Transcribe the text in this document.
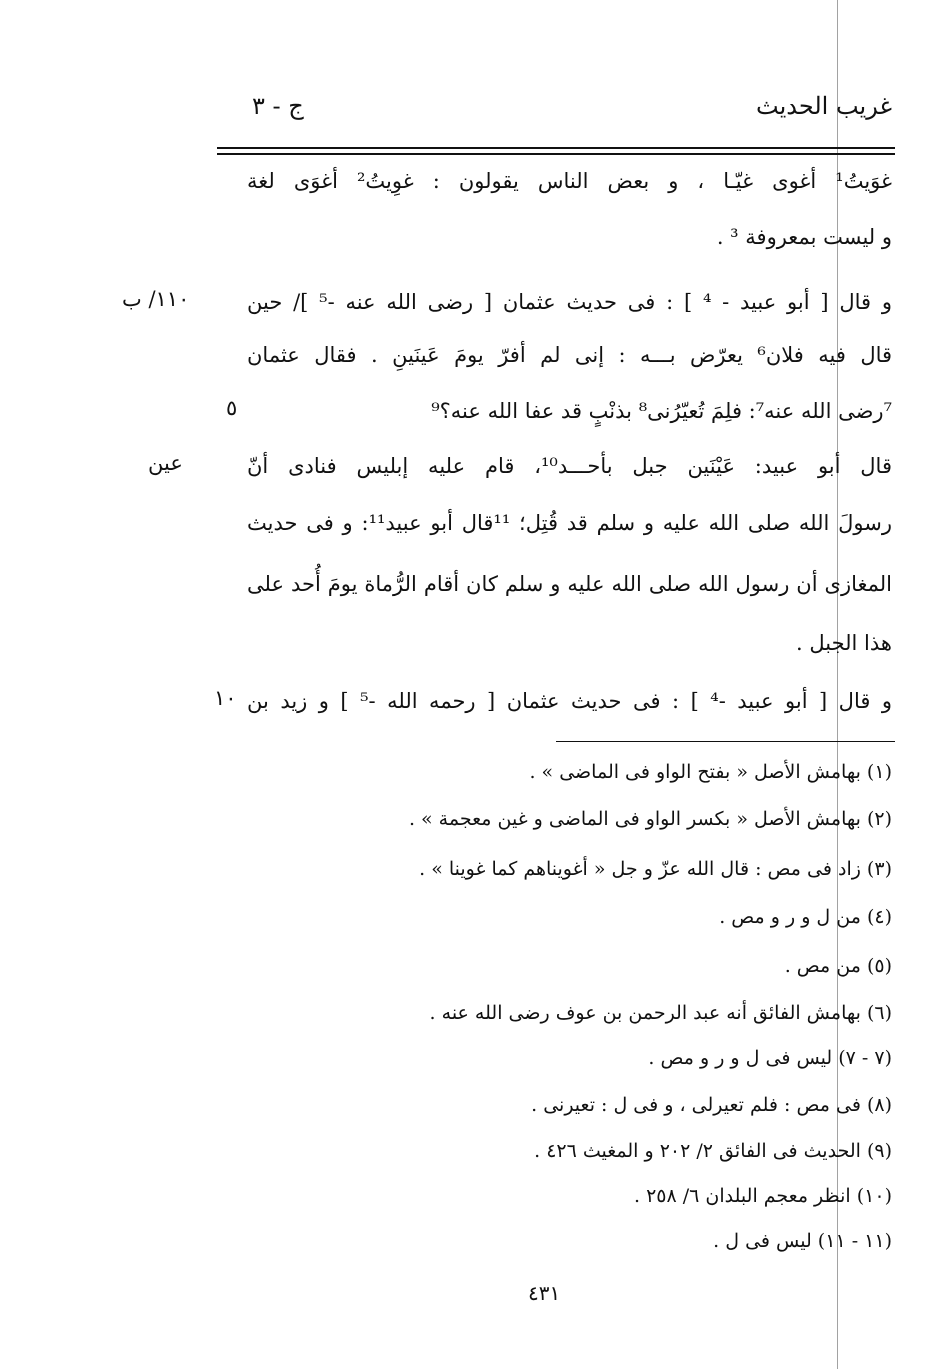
غريب الحديث
ج - ٣
غوَيتُ¹ أغوى غيّـا ، و بعض الناس يقولون : غوِيتُ² أغوَى لغة
و ليست بمعروفة ³ .
و قال [ أبو عبيد - ⁴ ] : فى حديث عثمان [ رضى الله عنه -⁵ ]/ حين
قال فيه فلان⁶ يعرّض بـــه : إنى لم أفرّ يومَ عَينَينِ . فقال عثمان
⁷رضى الله عنه⁷: فلِمَ تُعيّرُنى⁸ بذنْبٍ قد عفا الله عنه؟⁹
قال أبو عبيد: عَيْنَين جبل بأحـــد¹⁰، قام عليه إبليس فنادى أنّ
رسولَ الله صلى الله عليه و سلم قد قُتِل؛ ¹¹قال أبو عبيد¹¹: و فى حديث
المغازى أن رسول الله صلى الله عليه و سلم كان أقام الرُّماة يومَ أُحد على
هذا الجبل .
و قال [ أبو عبيد -⁴ ] : فى حديث عثمان [ رحمه الله -⁵ ] و زيد بن
١١٠/ ب
عين
٥
١٠
(١) بهامش الأصل « بفتح الواو فى الماضى » .
(٢) بهامش الأصل « بكسر الواو فى الماضى و غين معجمة » .
(٣) زاد فى مص : قال الله عزّ و جل « أغويناهم كما غوينا » .
(٤) من ل و ر و مص .
(٥) من مص .
(٦) بهامش الفائق أنه عبد الرحمن بن عوف رضى الله عنه .
(٧ - ٧) ليس فى ل و ر و مص .
(٨) فى مص : فلم تعيرلى ، و فى ل : تعيرنى .
(٩) الحديث فى الفائق ٢/ ٢٠٢ و المغيث ٤٢٦ .
(١٠) انظر معجم البلدان ٦/ ٢٥٨ .
(١١ - ١١) ليس فى ل .
٤٣١
